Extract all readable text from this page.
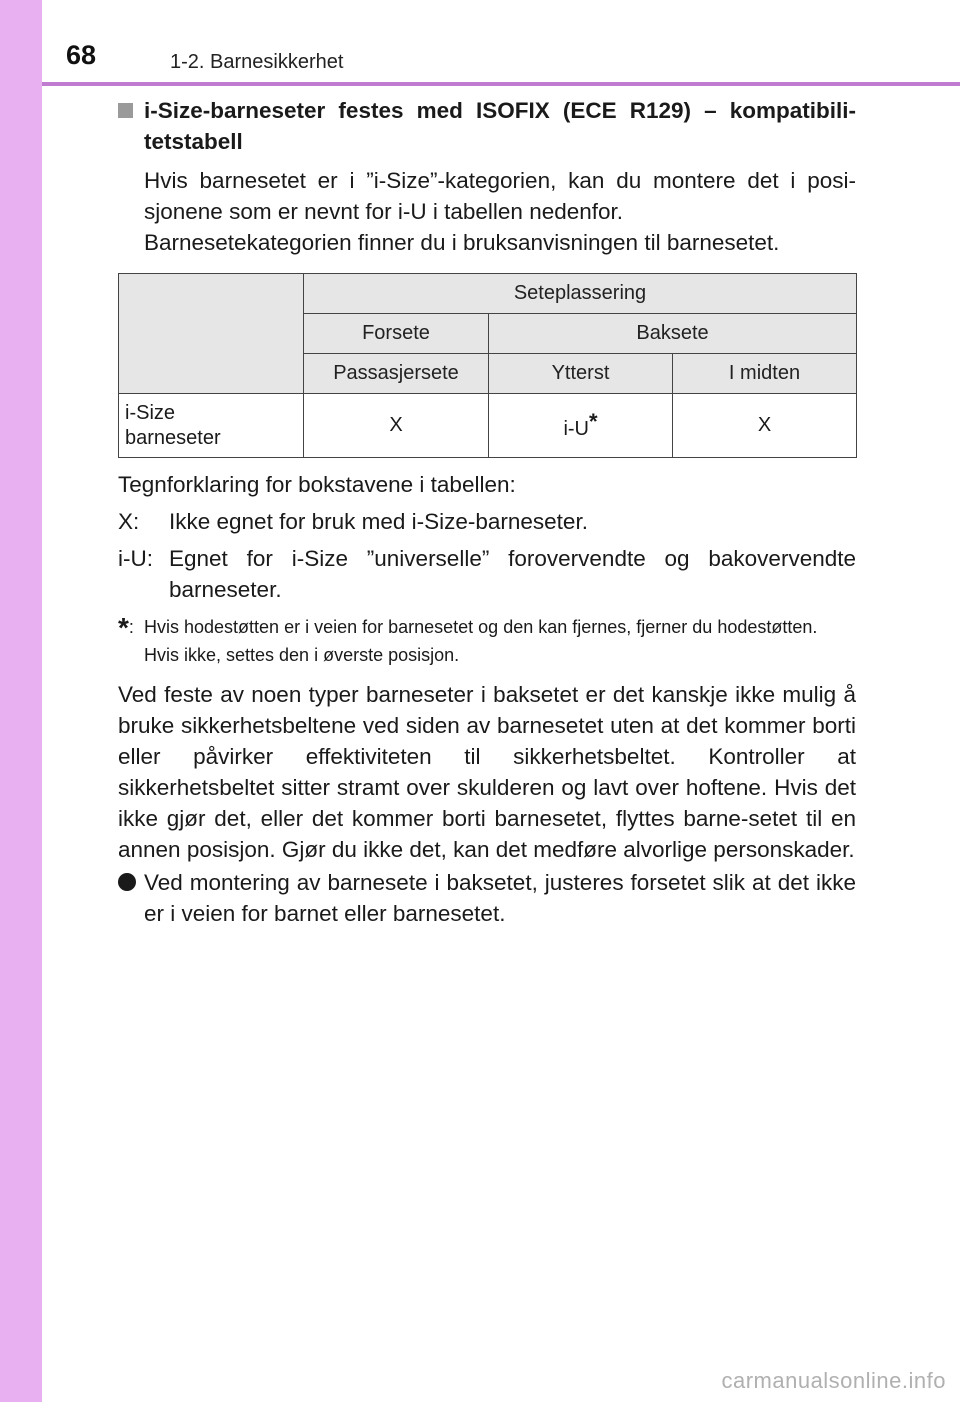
68	1-2. Barnesikkerhet
i-Size-barneseter festes med ISOFIX (ECE R129) – kompatibili-tetstabell

Hvis barnesetet er i ”i-Size”-kategorien, kan du montere det i posi-sjonene som er nevnt for i-U i tabellen nedenfor.

Barnesetekategorien finner du i bruksanvisningen til barnesetet.

	Seteplassering		
	Forsete	Baksete	
	Passasjersete	Ytterst	I midten
i-Size
barneseter	X	i-U*	X
Tegnforklaring for bokstavene i tabellen:
X:	Ikke egnet for bruk med i-Size-barneseter.
i-U: Egnet for i-Size ”universelle” forovervendte og bakovervendte barneseter.
*: Hvis hodestøtten er i veien for barnesetet og den kan fjernes, fjerner du hodestøtten.
Hvis ikke, settes den i øverste posisjon.
Ved feste av noen typer barneseter i baksetet er det kanskje ikke mulig å bruke sikkerhetsbeltene ved siden av barnesetet uten at det kommer borti eller påvirker effektiviteten til sikkerhetsbeltet. Kontroller at sikkerhetsbeltet sitter stramt over skulderen og lavt over hoftene. Hvis det ikke gjør det, eller det kommer borti barnesetet, flyttes barne-setet til en annen posisjon. Gjør du ikke det, kan det medføre alvorlige personskader.
Ved montering av barnesete i baksetet, justeres forsetet slik at det ikke er i veien for barnet eller barnesetet.
carmanualsonline.info
